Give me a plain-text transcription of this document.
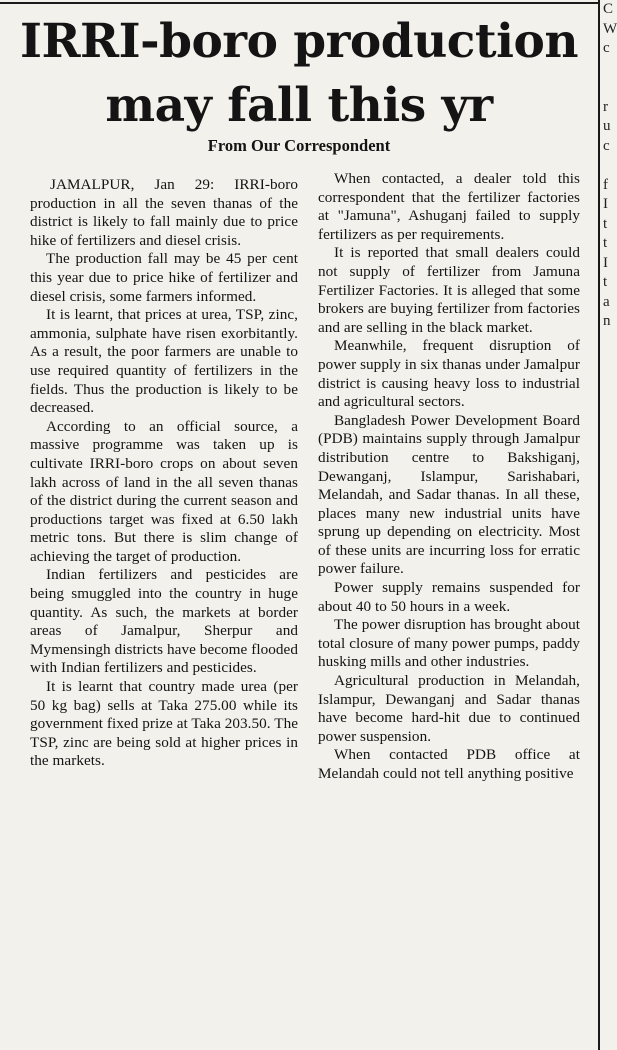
IRRI-boro production
may fall this yr
From Our Correspondent

JAMALPUR, Jan 29: IRRI-boro production in all the seven thanas of the district is likely to fall mainly due to price hike of fertilizers and diesel crisis.

The production fall may be 45 per cent this year due to price hike of fertilizer and diesel crisis, some farmers informed.

It is learnt, that prices at urea, TSP, zinc, ammonia, sulphate have risen exorbitantly. As a result, the poor farmers are unable to use required quantity of fertilizers in the fields. Thus the production is likely to be decreased.

According to an official source, a massive programme was taken up is cultivate IRRI-boro crops on about seven lakh across of land in the all seven thanas of the district during the current season and productions target was fixed at 6.50 lakh metric tons. But there is slim change of achieving the target of production.

Indian fertilizers and pesticides are being smuggled into the country in huge quantity. As such, the markets at border areas of Jamalpur, Sherpur and Mymensingh districts have become flooded with Indian fertilizers and pesticides.

It is learnt that country made urea (per 50 kg bag) sells at Taka 275.00 while its government fixed prize at Taka 203.50. The TSP, zinc are being sold at higher prices in the markets.

When contacted, a dealer told this correspondent that the fertilizer factories at "Jamuna", Ashuganj failed to supply fertilizers as per requirements.

It is reported that small dealers could not supply of fertilizer from Jamuna Fertilizer Factories. It is alleged that some brokers are buying fertilizer from factories and are selling in the black market.

Meanwhile, frequent disruption of power supply in six thanas under Jamalpur district is causing heavy loss to industrial and agricultural sectors.

Bangladesh Power Development Board (PDB) maintains supply through Jamalpur distribution centre to Bakshiganj, Dewanganj, Islampur, Sarishabari, Melandah, and Sadar thanas. In all these, places many new industrial units have sprung up depending on electricity. Most of these units are incurring loss for erratic power failure.

Power supply remains suspended for about 40 to 50 hours in a week.

The power disruption has brought about total closure of many power pumps, paddy husking mills and other industries.

Agricultural production in Melandah, Islampur, Dewanganj and Sadar thanas have become hard-hit due to continued power suspension.

When contacted PDB office at Melandah could not tell anything positive

C
W
c
r
u
c
f
I
t
t
I
t
a
n
